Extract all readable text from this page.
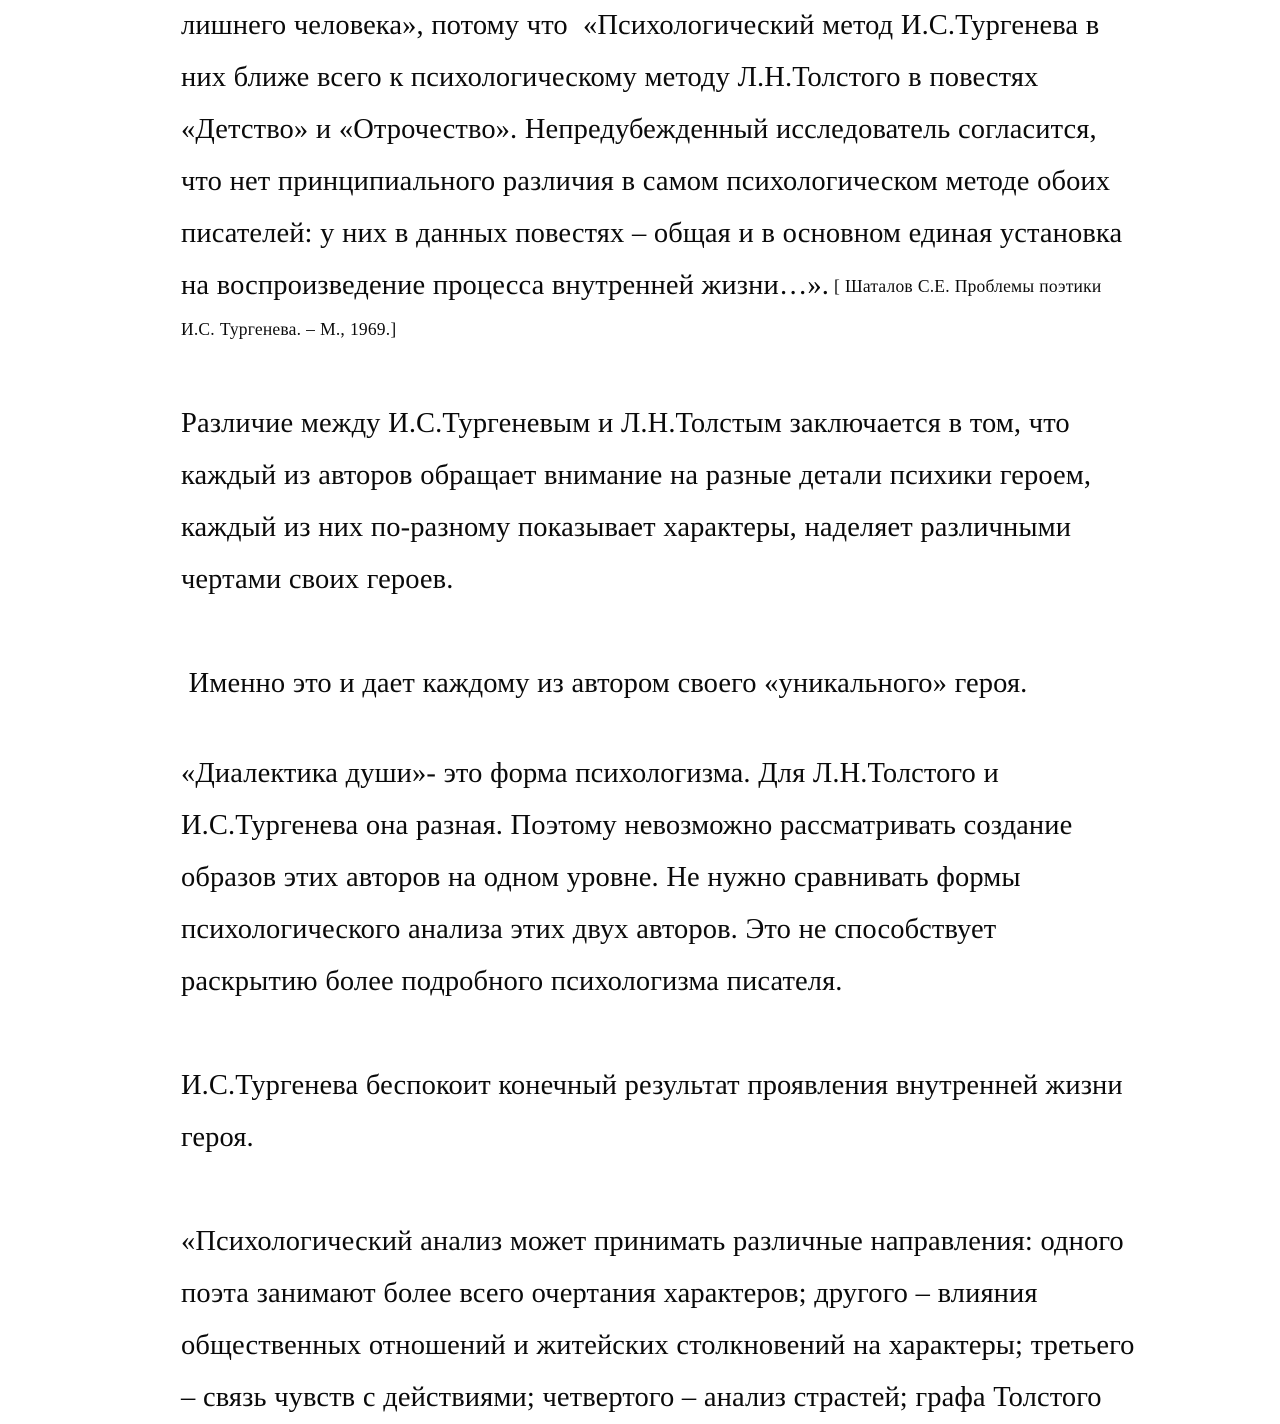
лишнего человека», потому что  «Психологический метод И.С.Тургенева в
них ближе всего к психологическому методу Л.Н.Толстого в повестях
«Детство» и «Отрочество». Непредубежденный исследователь согласится,
что нет принципиального различия в самом психологическом методе обоих
писателей: у них в данных повестях – общая и в основном единая установка
на воспроизведение процесса внутренней жизни…». [ Шаталов С.Е. Проблемы поэтики
И.С. Тургенева. – М., 1969.]

Различие между И.С.Тургеневым и Л.Н.Толстым заключается в том, что
каждый из авторов обращает внимание на разные детали психики героем,
каждый из них по-разному показывает характеры, наделяет различными
чертами своих героев.

Именно это и дает каждому из автором своего «уникального» героя.

«Диалектика души»- это форма психологизма. Для Л.Н.Толстого и
И.С.Тургенева она разная. Поэтому невозможно рассматривать создание
образов этих авторов на одном уровне. Не нужно сравнивать формы
психологического анализа этих двух авторов. Это не способствует
раскрытию более подробного психологизма писателя.

И.С.Тургенева беспокоит конечный результат проявления внутренней жизни
героя.

«Психологический анализ может принимать различные направления: одного
поэта занимают более всего очертания характеров; другого – влияния
общественных отношений и житейских столкновений на характеры; третьего
– связь чувств с действиями; четвертого – анализ страстей; графа Толстого
